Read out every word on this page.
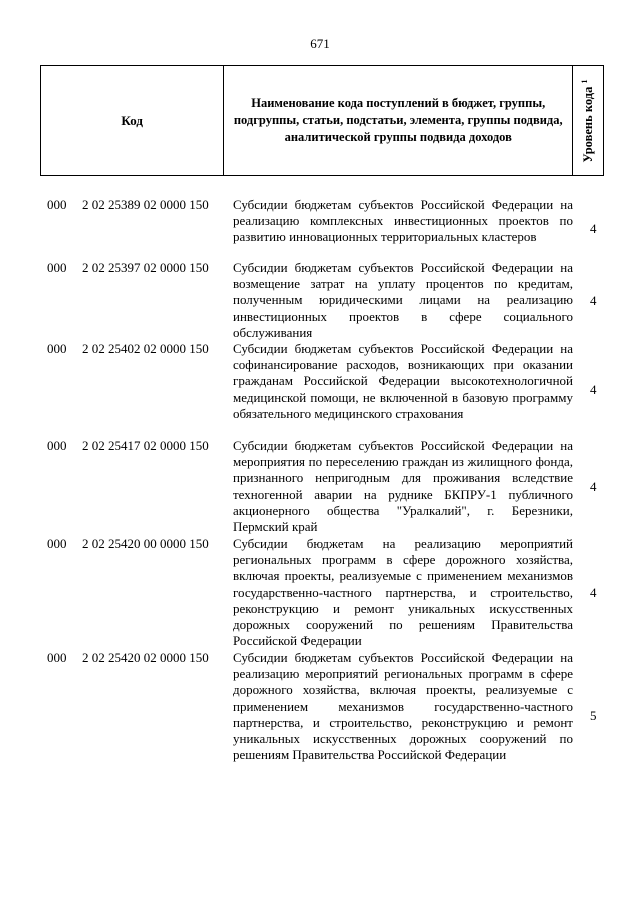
671
Код
Наименование кода поступлений в бюджет, группы, подгруппы, статьи, подстатьи, элемента, группы подвида, аналитической группы подвида доходов	Уровень кода $^1$
000 2 02 25389 02 0000 150 Субсидии бюджетам субъектов Российской Федерации на реализацию комплексных инвестиционных проектов по развитию инновационных территориальных кластеров
4
000 2 02 25397 02 0000 150 Субсидии бюджетам субъектов Российской Федерации на возмещение затрат на уплату процентов по кредитам, полученным юридическими лицами на реализацию инвестиционных проектов в сфере социального обслуживания
4
000 2 02 25402 02 0000 150 Субсидии бюджетам субъектов Российской Федерации на софинансирование расходов, возникающих при оказании гражданам Российской Федерации высокотехнологичной медицинской помощи, не включенной в базовую программу обязательного медицинского страхования
4
000 2 02 25417 02 0000 150 Субсидии бюджетам субъектов Российской Федерации на мероприятия по переселению граждан из жилищного фонда, признанного непригодным для проживания вследствие техногенной аварии на руднике БКПРУ-1 публичного акционерного общества "Уралкалий", г. Березники, Пермский край
4
000 2 02 25420 00 0000 150 Субсидии бюджетам на реализацию мероприятий региональных программ в сфере дорожного хозяйства, включая проекты, реализуемые с применением механизмов государственно-частного партнерства, и строительство, реконструкцию и ремонт уникальных искусственных дорожных сооружений по решениям Правительства Российской Федерации
4
000 2 02 25420 02 0000 150 Субсидии бюджетам субъектов Российской Федерации на реализацию мероприятий региональных программ в сфере дорожного хозяйства, включая проекты, реализуемые с применением механизмов государственно-частного партнерства, и строительство, реконструкцию и ремонт уникальных искусственных дорожных сооружений по решениям Правительства Российской Федерации
5
